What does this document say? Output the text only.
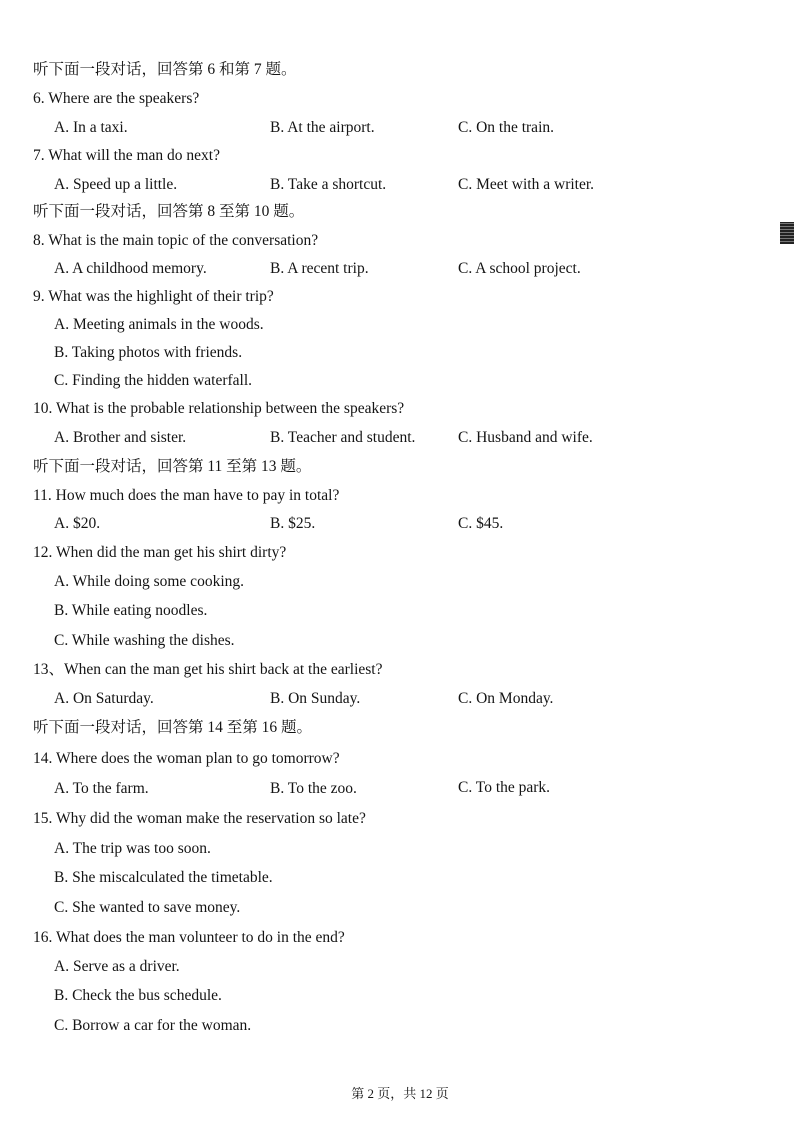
听下面一段对话，回答第 6 和第 7 题。
6. Where are the speakers?
A. In a taxi.	B. At the airport.	C. On the train.
7. What will the man do next?
A. Speed up a little.	B. Take a shortcut.	C. Meet with a writer.
听下面一段对话，回答第 8 至第 10 题。
8. What is the main topic of the conversation?
A. A childhood memory.	B. A recent trip.	C. A school project.
9. What was the highlight of their trip?
A. Meeting animals in the woods.
B. Taking photos with friends.
C. Finding the hidden waterfall.
10. What is the probable relationship between the speakers?
A. Brother and sister.	B. Teacher and student.	C. Husband and wife.
听下面一段对话，回答第 11 至第 13 题。
11. How much does the man have to pay in total?
A. $20.	B. $25.	C. $45.
12. When did the man get his shirt dirty?
A. While doing some cooking.
B. While eating noodles.
C. While washing the dishes.
13、When can the man get his shirt back at the earliest?
A. On Saturday.	B. On Sunday.	C. On Monday.
听下面一段对话，回答第 14 至第 16 题。
14. Where does the woman plan to go tomorrow?
A. To the farm.	B. To the zoo.	C. To the park.
15. Why did the woman make the reservation so late?
A. The trip was too soon.
B. She miscalculated the timetable.
C. She wanted to save money.
16. What does the man volunteer to do in the end?
A. Serve as a driver.
B. Check the bus schedule.
C. Borrow a car for the woman.
第 2 页，共 12 页
